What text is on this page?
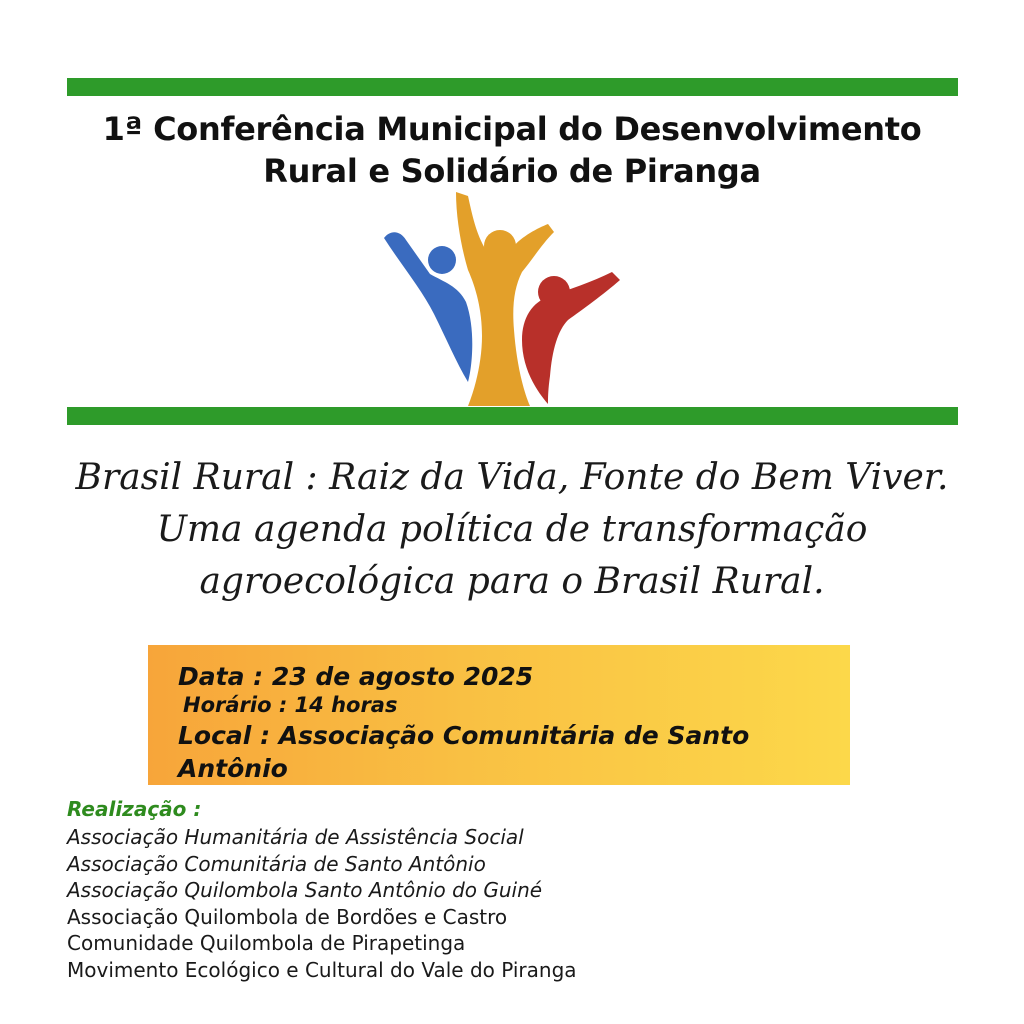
1ª Conferência Municipal do Desenvolvimento
Rural e Solidário de Piranga
Brasil Rural : Raiz da Vida, Fonte do Bem Viver.
Uma agenda política de transformação
agroecológica para o Brasil Rural.
Data : 23 de agosto 2025
Horário : 14 horas
Local : Associação Comunitária de Santo
Antônio
Realização :
Associação Humanitária de Assistência Social
Associação Comunitária de Santo Antônio
Associação Quilombola Santo Antônio do Guiné
Associação Quilombola de Bordões e Castro
Comunidade Quilombola de Pirapetinga
Movimento Ecológico e Cultural do Vale do Piranga
